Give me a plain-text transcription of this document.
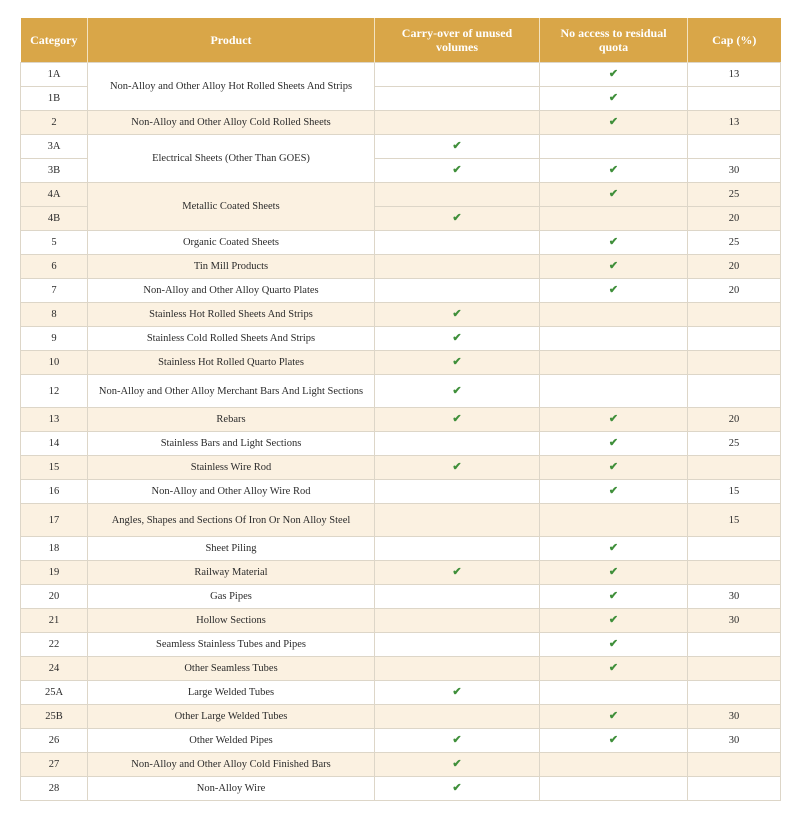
Category	Product	Carry-over of unused volumes	No access to residual quota	Cap (%)
1A	Non-Alloy and Other Alloy Hot Rolled Sheets And Strips		✔	13
1B			✔	
2	Non-Alloy and Other Alloy Cold Rolled Sheets		✔	13
3A	Electrical Sheets (Other Than GOES)	✔		
3B		✔	✔	30
4A	Metallic Coated Sheets		✔	25
4B		✔		20
5	Organic Coated Sheets		✔	25
6	Tin Mill Products		✔	20
7	Non-Alloy and Other Alloy Quarto Plates		✔	20
8	Stainless Hot Rolled Sheets And Strips	✔		
9	Stainless Cold Rolled Sheets And Strips	✔		
10	Stainless Hot Rolled Quarto Plates	✔		
12	Non-Alloy and Other Alloy Merchant Bars And Light Sections	✔		
13	Rebars	✔	✔	20
14	Stainless Bars and Light Sections		✔	25
15	Stainless Wire Rod	✔	✔	
16	Non-Alloy and Other Alloy Wire Rod		✔	15
17	Angles, Shapes and Sections Of Iron Or Non Alloy Steel			15
18	Sheet Piling		✔	
19	Railway Material	✔	✔	
20	Gas Pipes		✔	30
21	Hollow Sections		✔	30
22	Seamless Stainless Tubes and Pipes		✔	
24	Other Seamless Tubes		✔	
25A	Large Welded Tubes	✔		
25B	Other Large Welded Tubes		✔	30
26	Other Welded Pipes	✔	✔	30
27	Non-Alloy and Other Alloy Cold Finished Bars	✔		
28	Non-Alloy Wire	✔		
